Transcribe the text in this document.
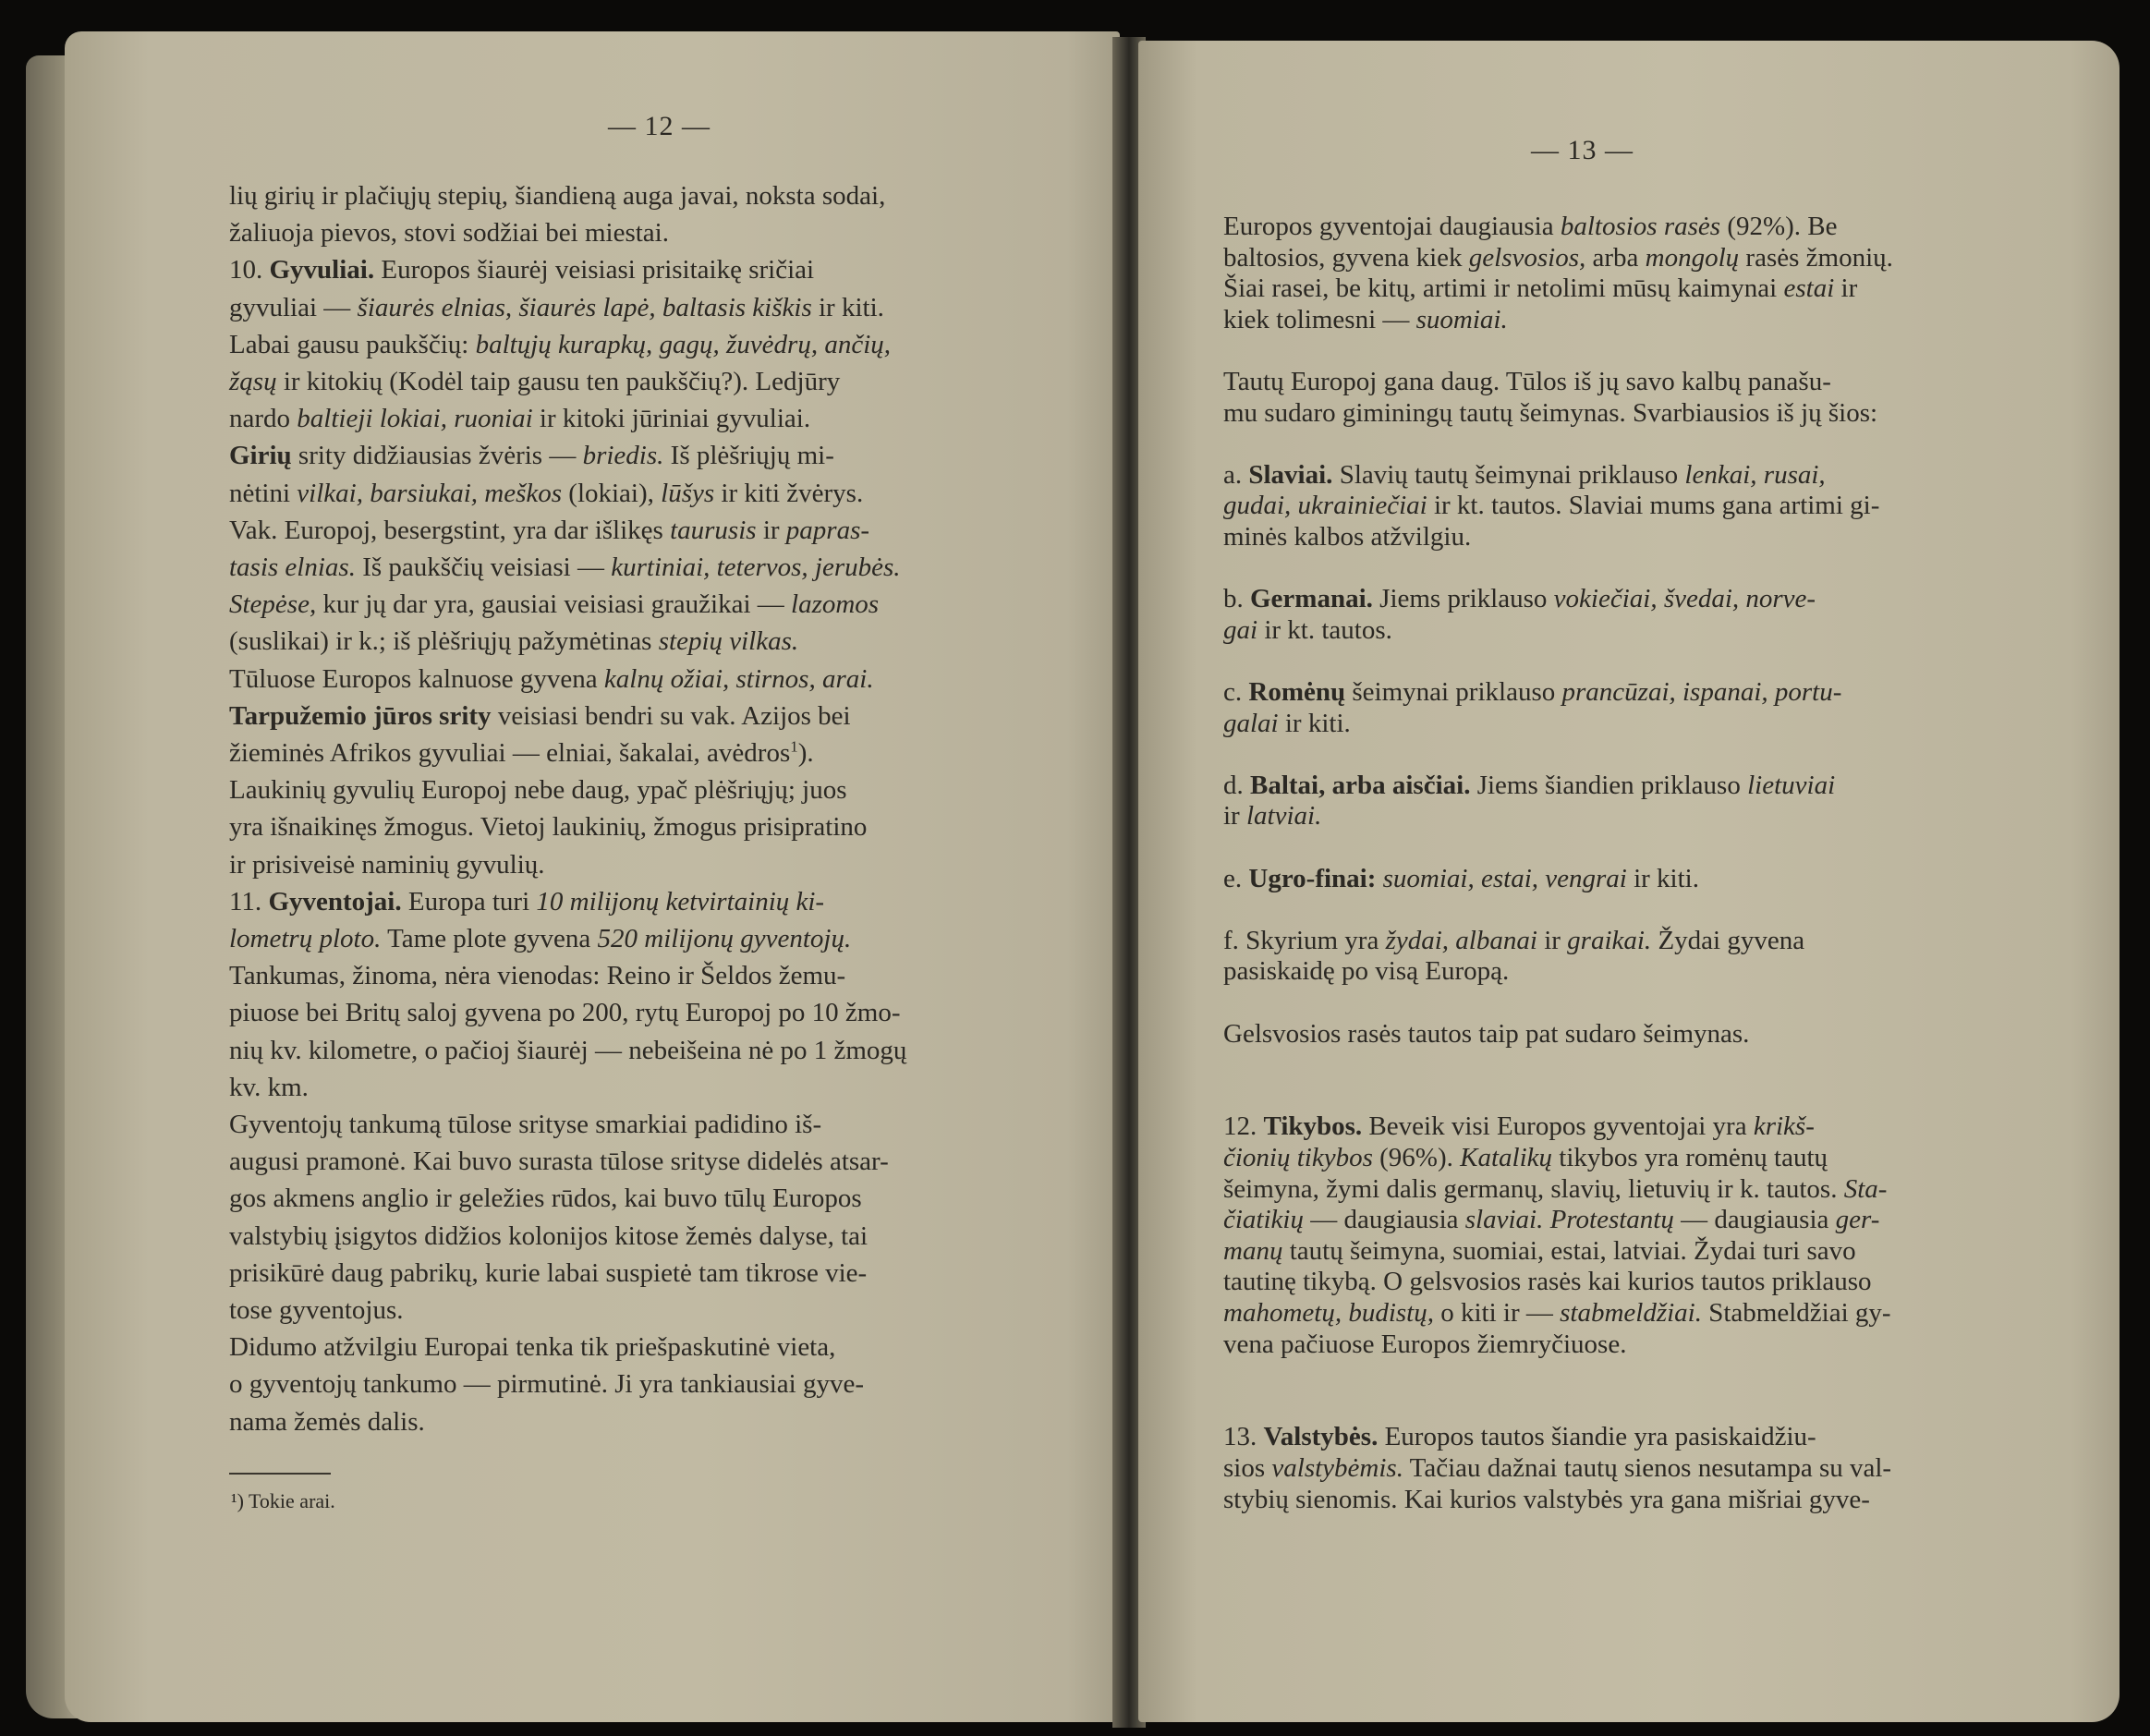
— 12 —
lių girių ir plačiųjų stepių, šiandieną auga javai, noksta sodai,
žaliuoja pievos, stovi sodžiai bei miestai.
10. Gyvuliai. Europos šiaurėj veisiasi prisitaikę sričiai
gyvuliai — šiaurės elnias, šiaurės lapė, baltasis kiškis ir kiti.
Labai gausu paukščių: baltųjų kurapkų, gagų, žuvėdrų, ančių,
žąsų ir kitokių (Kodėl taip gausu ten paukščių?). Ledjūry
nardo baltieji lokiai, ruoniai ir kitoki jūriniai gyvuliai.
Girių srity didžiausias žvėris — briedis. Iš plėšriųjų mi-
nėtini vilkai, barsiukai, meškos (lokiai), lūšys ir kiti žvėrys.
Vak. Europoj, besergstint, yra dar išlikęs taurusis ir papras-
tasis elnias. Iš paukščių veisiasi — kurtiniai, tetervos, jerubės.
Stepėse, kur jų dar yra, gausiai veisiasi graužikai — lazomos
(suslikai) ir k.; iš plėšriųjų pažymėtinas stepių vilkas.
Tūluose Europos kalnuose gyvena kalnų ožiai, stirnos, arai.
Tarpužemio jūros srity veisiasi bendri su vak. Azijos bei
žieminės Afrikos gyvuliai — elniai, šakalai, avėdros$^1$).
Laukinių gyvulių Europoj nebe daug, ypač plėšriųjų; juos
yra išnaikinęs žmogus. Vietoj laukinių, žmogus prisipratino
ir prisiveisė naminių gyvulių.
11. Gyventojai. Europa turi 10 milijonų ketvirtainių ki-
lometrų ploto. Tame plote gyvena 520 milijonų gyventojų.
Tankumas, žinoma, nėra vienodas: Reino ir Šeldos žemu-
piuose bei Britų saloj gyvena po 200, rytų Europoj po 10 žmo-
nių kv. kilometre, o pačioj šiaurėj — nebeišeina nė po 1 žmogų
kv. km.
Gyventojų tankumą tūlose srityse smarkiai padidino iš-
augusi pramonė. Kai buvo surasta tūlose srityse didelės atsar-
gos akmens anglio ir geležies rūdos, kai buvo tūlų Europos
valstybių įsigytos didžios kolonijos kitose žemės dalyse, tai
prisikūrė daug pabrikų, kurie labai suspietė tam tikrose vie-
tose gyventojus.
Didumo atžvilgiu Europai tenka tik priešpaskutinė vieta,
o gyventojų tankumo — pirmutinė. Ji yra tankiausiai gyve-
nama žemės dalis.
¹) Tokie arai.
— 13 —
Europos gyventojai daugiausia baltosios rasės (92%). Be
baltosios, gyvena kiek gelsvosios, arba mongolų rasės žmonių.
Šiai rasei, be kitų, artimi ir netolimi mūsų kaimynai estai ir
kiek tolimesni — suomiai.
Tautų Europoj gana daug. Tūlos iš jų savo kalbų panašu-
mu sudaro giminingų tautų šeimynas. Svarbiausios iš jų šios:
a. Slaviai. Slavių tautų šeimynai priklauso lenkai, rusai,
gudai, ukrainiečiai ir kt. tautos. Slaviai mums gana artimi gi-
minės kalbos atžvilgiu.
b. Germanai. Jiems priklauso vokiečiai, švedai, norve-
gai ir kt. tautos.
c. Romėnų šeimynai priklauso prancūzai, ispanai, portu-
galai ir kiti.
d. Baltai, arba aisčiai. Jiems šiandien priklauso lietuviai
ir latviai.
e. Ugro-finai: suomiai, estai, vengrai ir kiti.
f. Skyrium yra žydai, albanai ir graikai. Žydai gyvena
pasiskaidę po visą Europą.
Gelsvosios rasės tautos taip pat sudaro šeimynas.
12. Tikybos. Beveik visi Europos gyventojai yra krikš-
čionių tikybos (96%). Katalikų tikybos yra romėnų tautų
šeimyna, žymi dalis germanų, slavių, lietuvių ir k. tautos. Sta-
čiatikių — daugiausia slaviai. Protestantų — daugiausia ger-
manų tautų šeimyna, suomiai, estai, latviai. Žydai turi savo
tautinę tikybą. O gelsvosios rasės kai kurios tautos priklauso
mahometų, budistų, o kiti ir — stabmeldžiai. Stabmeldžiai gy-
vena pačiuose Europos žiemryčiuose.
13. Valstybės. Europos tautos šiandie yra pasiskaidžiu-
sios valstybėmis. Tačiau dažnai tautų sienos nesutampa su val-
stybių sienomis. Kai kurios valstybės yra gana mišriai gyve-
